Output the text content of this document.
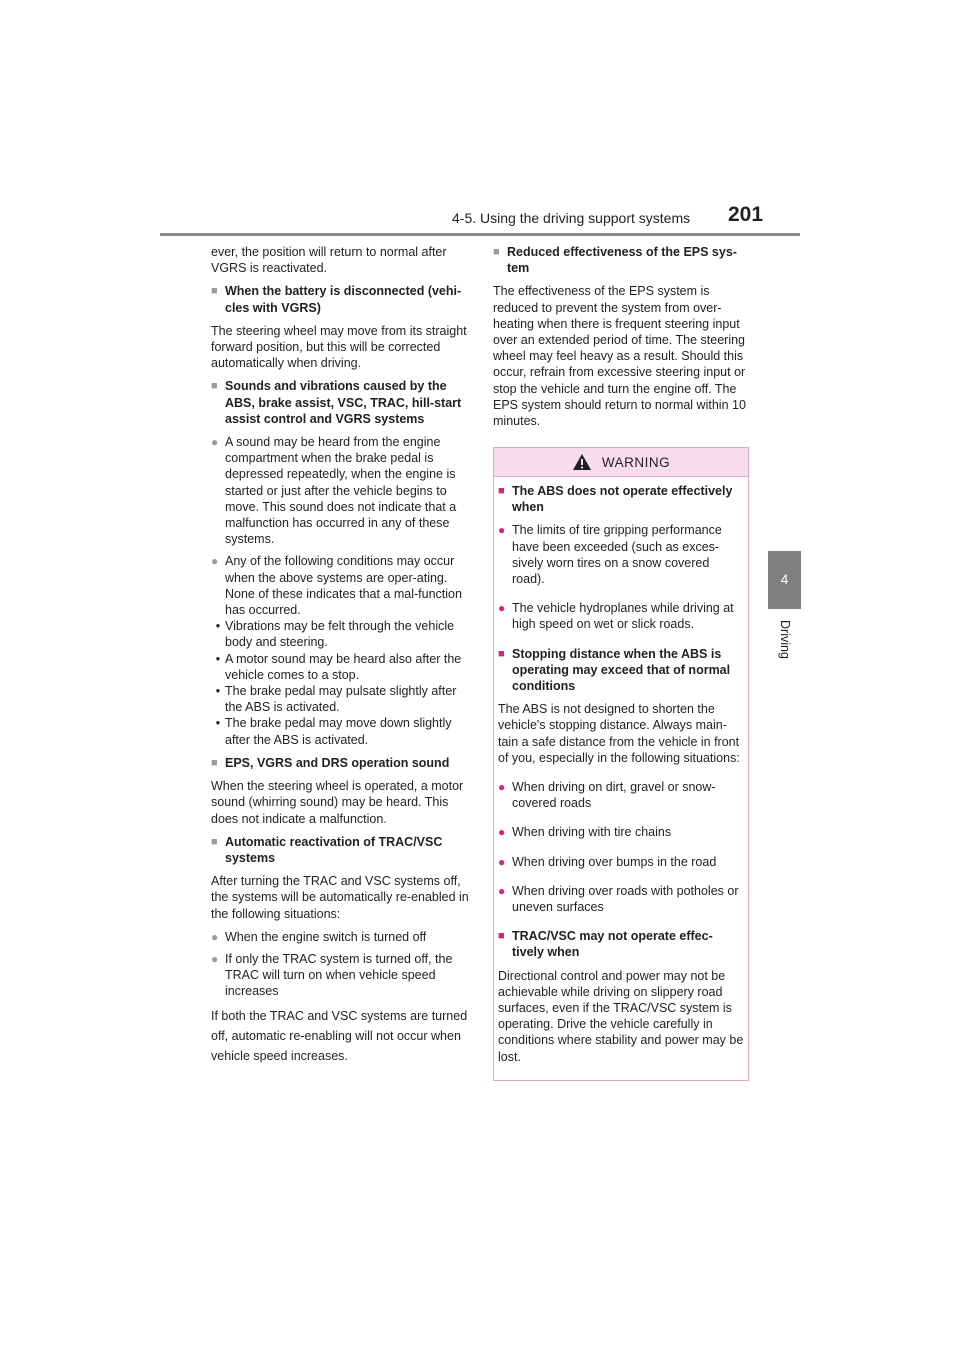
4-5. Using the driving support systems 201
4
Driving

ever, the position will return to normal after VGRS is reactivated.

■ When the battery is disconnected (vehi-cles with VGRS)

The steering wheel may move from its straight forward position, but this will be corrected automatically when driving.

■ Sounds and vibrations caused by the ABS, brake assist, VSC, TRAC, hill-start assist control and VGRS systems
● A sound may be heard from the engine compartment when the brake pedal is depressed repeatedly, when the engine is started or just after the vehicle begins to move. This sound does not indicate that a malfunction has occurred in any of these systems.
● Any of the following conditions may occur when the above systems are oper-ating. None of these indicates that a mal-function has occurred.
• Vibrations may be felt through the vehicle body and steering.
• A motor sound may be heard also after the vehicle comes to a stop.
• The brake pedal may pulsate slightly after the ABS is activated.
• The brake pedal may move down slightly after the ABS is activated.
■ EPS, VGRS and DRS operation sound

When the steering wheel is operated, a motor sound (whirring sound) may be heard. This does not indicate a malfunction.

■ Automatic reactivation of TRAC/VSC systems

After turning the TRAC and VSC systems off, the systems will be automatically re-enabled in the following situations:

● When the engine switch is turned off
● If only the TRAC system is turned off, the TRAC will turn on when vehicle speed increases

If both the TRAC and VSC systems are turned off, automatic re-enabling will not occur when vehicle speed increases.

■ Reduced effectiveness of the EPS sys-tem

The effectiveness of the EPS system is reduced to prevent the system from over-heating when there is frequent steering input over an extended period of time. The steering wheel may feel heavy as a result. Should this occur, refrain from excessive steering input or stop the vehicle and turn the engine off. The EPS system should return to normal within 10 minutes.

WARNING
■ The ABS does not operate effectively when
● The limits of tire gripping performance have been exceeded (such as exces-sively worn tires on a snow covered road).
● The vehicle hydroplanes while driving at high speed on wet or slick roads.
■ Stopping distance when the ABS is operating may exceed that of normal conditions

The ABS is not designed to shorten the vehicle's stopping distance. Always main-tain a safe distance from the vehicle in front of you, especially in the following situations:

● When driving on dirt, gravel or snow-covered roads
● When driving with tire chains
● When driving over bumps in the road
● When driving over roads with potholes or uneven surfaces
■ TRAC/VSC may not operate effec-tively when

Directional control and power may not be achievable while driving on slippery road surfaces, even if the TRAC/VSC system is operating. Drive the vehicle carefully in conditions where stability and power may be lost.
